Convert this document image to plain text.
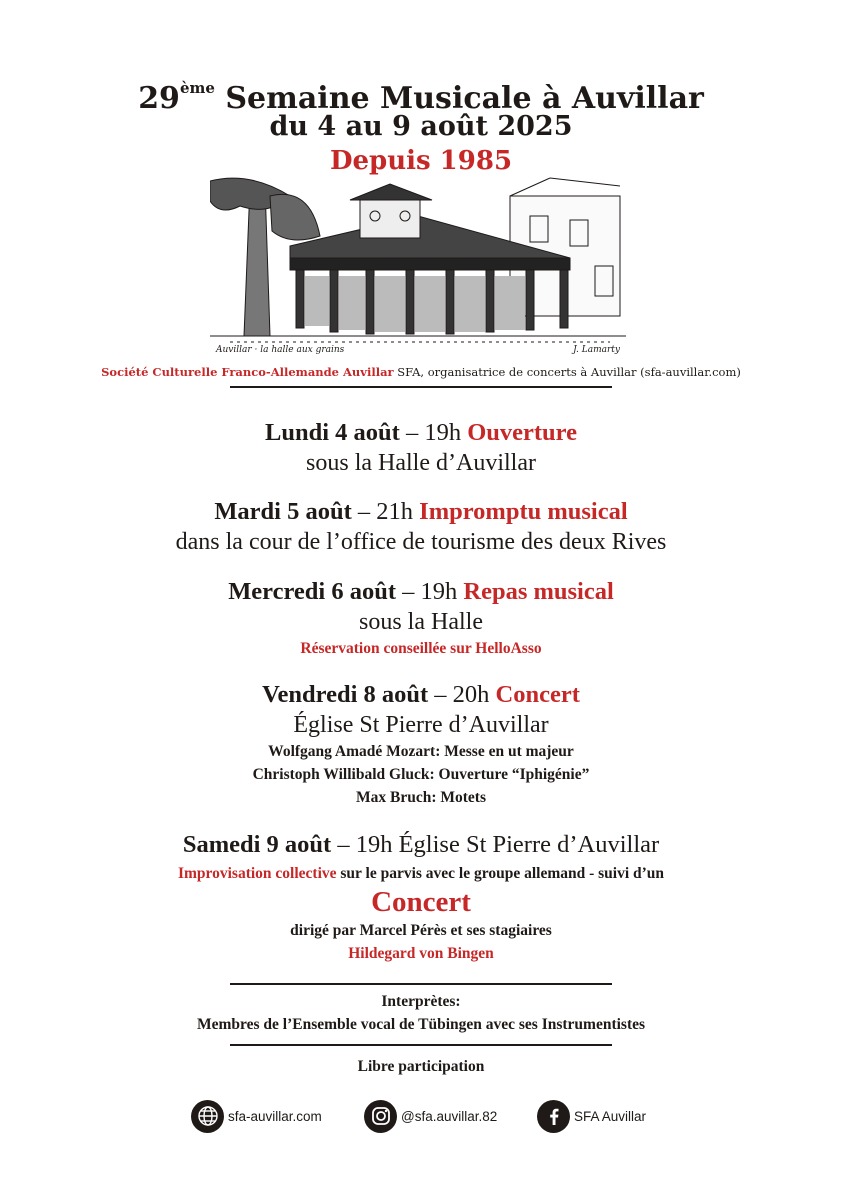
29ème Semaine Musicale à Auvillar
du 4 au 9 août 2025
Depuis 1985
Auvillar · la halle aux grains	J. Lamarty
Société Culturelle Franco-Allemande Auvillar SFA, organisatrice de concerts à Auvillar (sfa-auvillar.com)
Lundi 4 août – 19h Ouverture
sous la Halle d’Auvillar
Mardi 5 août – 21h Impromptu musical
dans la cour de l’office de tourisme des deux Rives
Mercredi 6 août – 19h Repas musical
sous la Halle
Réservation conseillée sur HelloAsso
Vendredi 8 août – 20h Concert
Église St Pierre d’Auvillar
Wolfgang Amadé Mozart: Messe en ut majeur
Christoph Willibald Gluck: Ouverture “Iphigénie”
Max Bruch: Motets
Samedi 9 août – 19h Église St Pierre d’Auvillar
Improvisation collective sur le parvis avec le groupe allemand - suivi d’un
Concert
dirigé par Marcel Pérès et ses stagiaires
Hildegard von Bingen
Interprètes:
Membres de l’Ensemble vocal de Tübingen avec ses Instrumentistes
Libre participation
sfa-auvillar.com	@sfa.auvillar.82	SFA Auvillar
